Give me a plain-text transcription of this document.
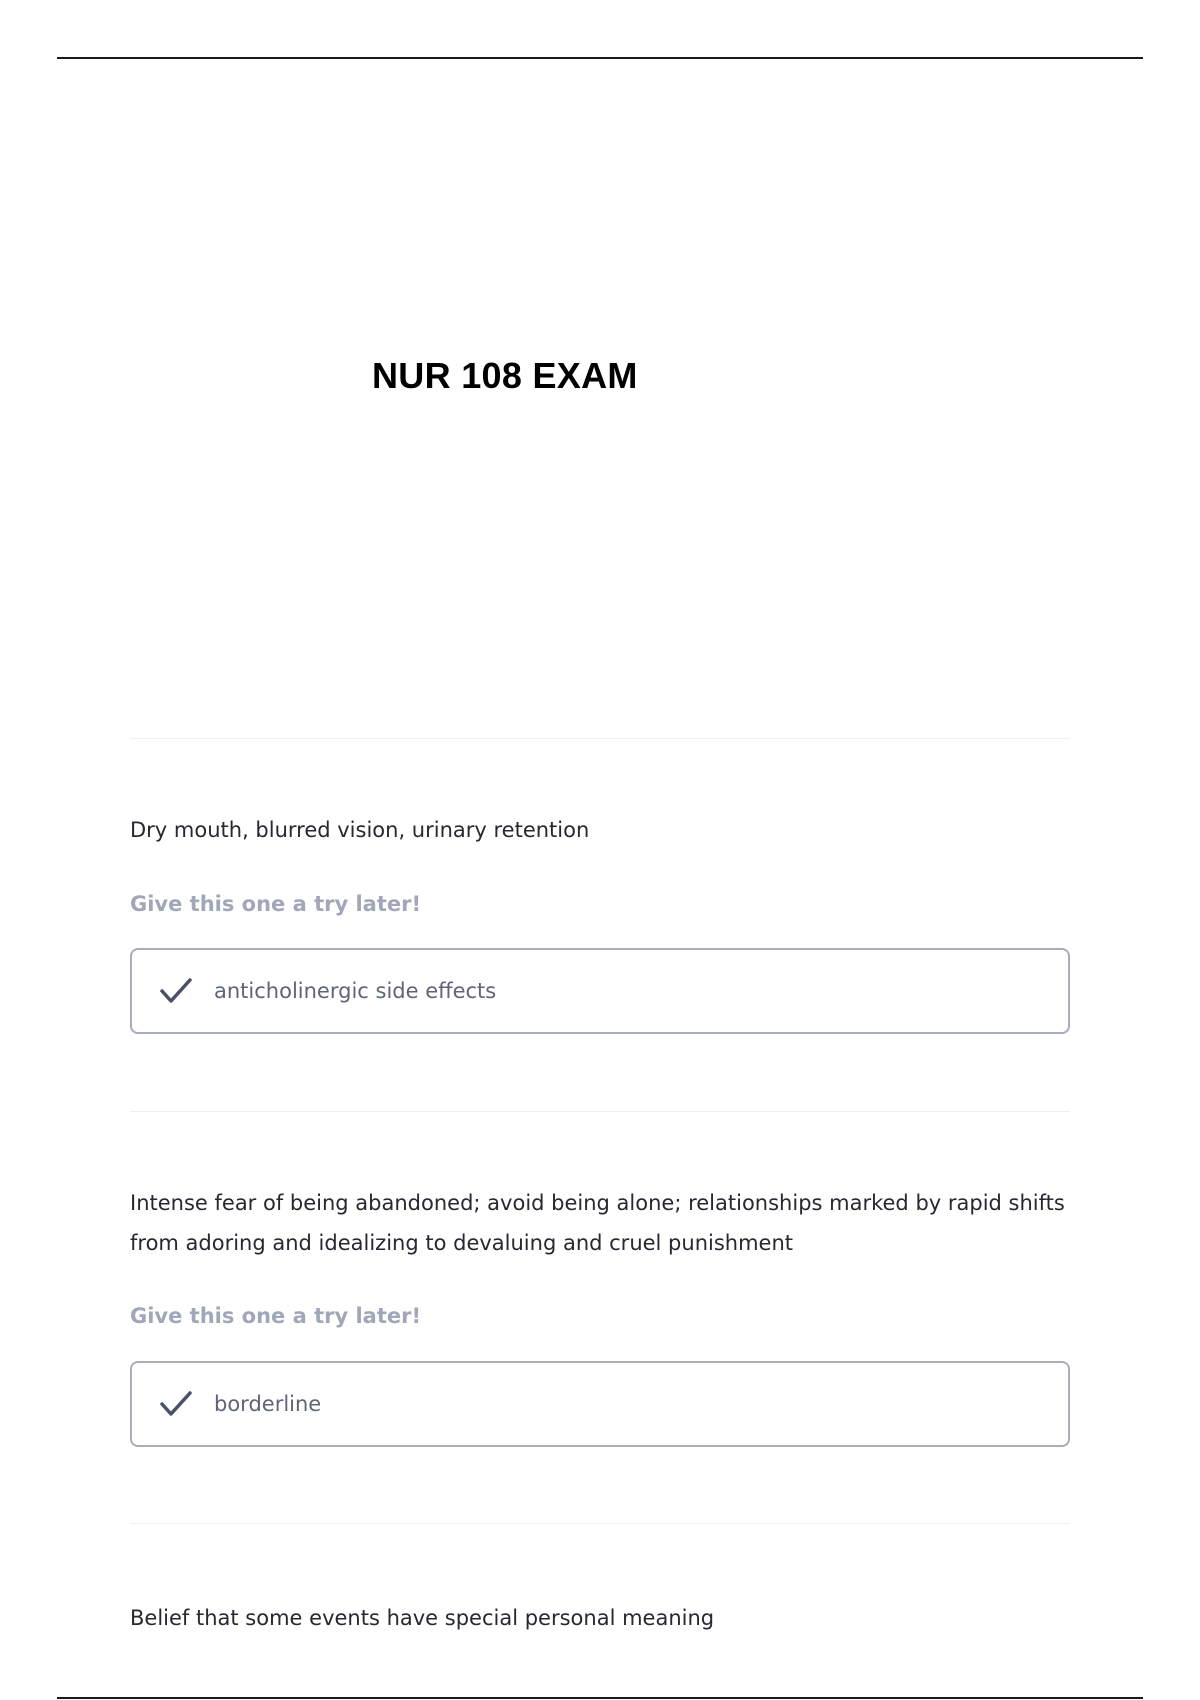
NUR 108 EXAM

Dry mouth, blurred vision, urinary retention

Give this one a try later!

anticholinergic side effects

Intense fear of being abandoned; avoid being alone; relationships marked by rapid shifts from adoring and idealizing to devaluing and cruel punishment

Give this one a try later!

borderline

Belief that some events have special personal meaning
